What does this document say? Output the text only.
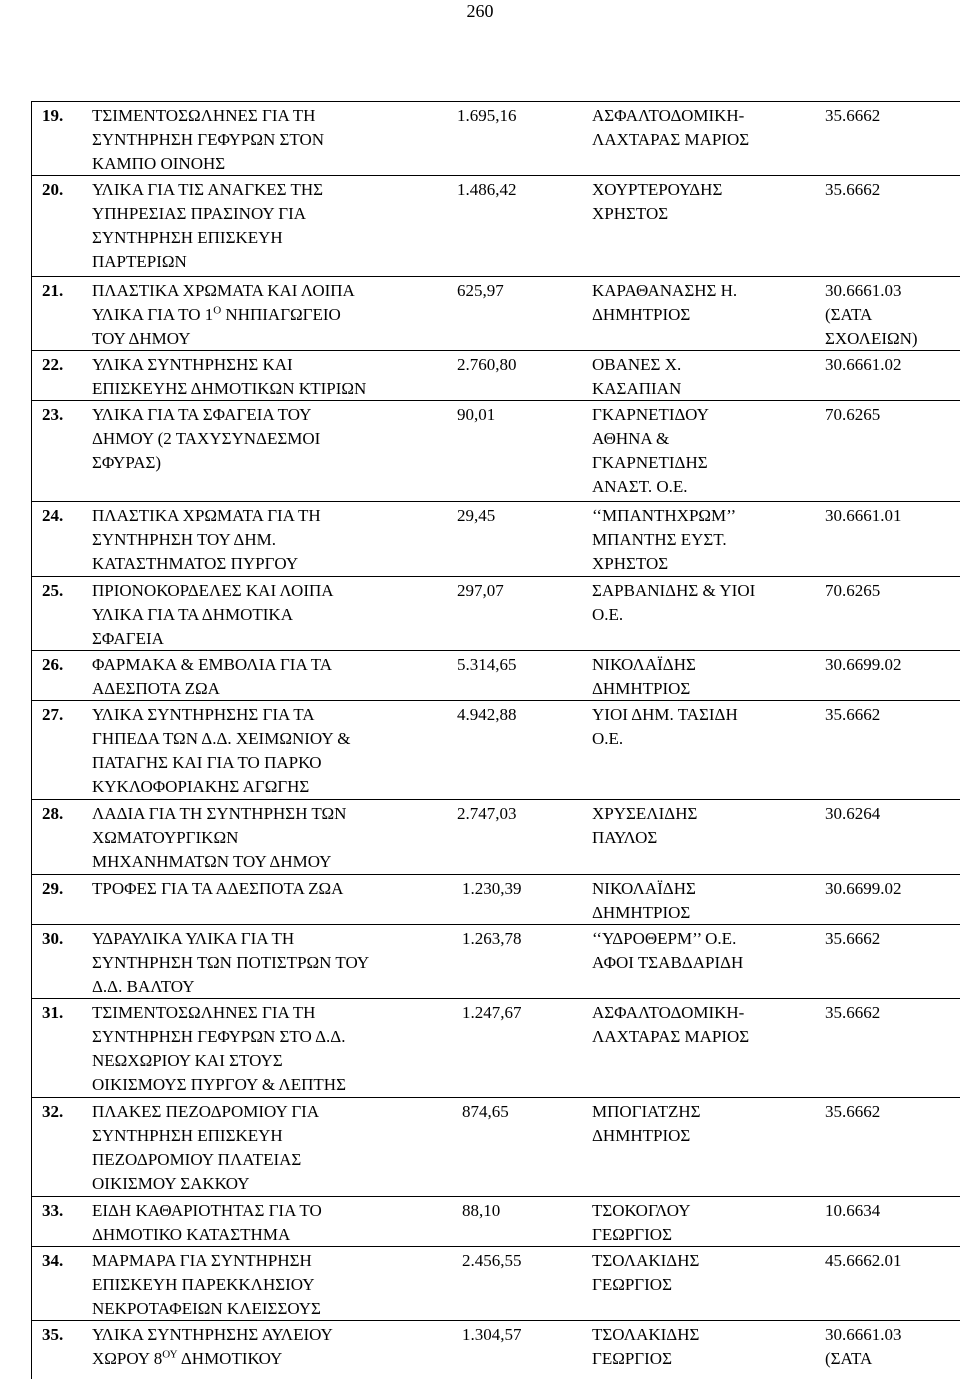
260
19. ΤΣΙΜΕΝΤΟΣΩΛΗΝΕΣ ΓΙΑ ΤΗ
ΣΥΝΤΗΡΗΣΗ ΓΕΦΥΡΩΝ ΣΤΟΝ
ΚΑΜΠΟ ΟΙΝΟΗΣ
1.695,16	ΑΣΦΑΛΤΟΔΟΜΙΚΗ-
ΛΑΧΤΑΡΑΣ ΜΑΡΙΟΣ
35.6662
20. ΥΛΙΚΑ ΓΙΑ ΤΙΣ ΑΝΑΓΚΕΣ ΤΗΣ
ΥΠΗΡΕΣΙΑΣ ΠΡΑΣΙΝΟΥ ΓΙΑ
ΣΥΝΤΗΡΗΣΗ ΕΠΙΣΚΕΥΗ
ΠΑΡΤΕΡΙΩΝ
1.486,42	ΧΟΥΡΤΕΡΟΥΔΗΣ
ΧΡΗΣΤΟΣ
35.6662
21. ΠΛΑΣΤΙΚΑ ΧΡΩΜΑΤΑ ΚΑΙ ΛΟΙΠΑ
ΥΛΙΚΑ ΓΙΑ ΤΟ $1^O$ ΝΗΠΙΑΓΩΓΕΙΟ
ΤΟΥ ΔΗΜΟΥ
625,97	ΚΑΡΑΘΑΝΑΣΗΣ Η.
ΔΗΜΗΤΡΙΟΣ
30.6661.03
(ΣΑΤΑ
ΣΧΟΛΕΙΩΝ)
22. ΥΛΙΚΑ ΣΥΝΤΗΡΗΣΗΣ ΚΑΙ
ΕΠΙΣΚΕΥΗΣ ΔΗΜΟΤΙΚΩΝ ΚΤΙΡΙΩΝ
2.760,80	ΟΒΑΝΕΣ Χ.
ΚΑΣΑΠΙΑΝ
30.6661.02
23. ΥΛΙΚΑ ΓΙΑ ΤΑ ΣΦΑΓΕΙΑ ΤΟΥ
ΔΗΜΟΥ (2 ΤΑΧΥΣΥΝΔΕΣΜΟΙ
ΣΦΥΡΑΣ)
90,01	ΓΚΑΡΝΕΤΙΔΟΥ
ΑΘΗΝΑ &
ΓΚΑΡΝΕΤΙΔΗΣ
ΑΝΑΣΤ. Ο.Ε.
70.6265
24. ΠΛΑΣΤΙΚΑ ΧΡΩΜΑΤΑ ΓΙΑ ΤΗ
ΣΥΝΤΗΡΗΣΗ ΤΟΥ ΔΗΜ.
ΚΑΤΑΣΤΗΜΑΤΟΣ ΠΥΡΓΟΥ
29,45	‘‘ΜΠΑΝΤΗΧΡΩΜ’’
ΜΠΑΝΤΗΣ ΕΥΣΤ.
ΧΡΗΣΤΟΣ
30.6661.01
25. ΠΡΙΟΝΟΚΟΡΔΕΛΕΣ ΚΑΙ ΛΟΙΠΑ
ΥΛΙΚΑ ΓΙΑ ΤΑ ΔΗΜΟΤΙΚΑ
ΣΦΑΓΕΙΑ
297,07	ΣΑΡΒΑΝΙΔΗΣ & ΥΙΟΙ
Ο.Ε.
70.6265
26. ΦΑΡΜΑΚΑ & ΕΜΒΟΛΙΑ ΓΙΑ ΤΑ
ΑΔΕΣΠΟΤΑ ΖΩΑ
5.314,65	ΝΙΚΟΛΑΪΔΗΣ
ΔΗΜΗΤΡΙΟΣ
30.6699.02
27. ΥΛΙΚΑ ΣΥΝΤΗΡΗΣΗΣ ΓΙΑ ΤΑ
ΓΗΠΕΔΑ ΤΩΝ Δ.Δ. ΧΕΙΜΩΝΙΟΥ &
ΠΑΤΑΓΗΣ ΚΑΙ ΓΙΑ ΤΟ ΠΑΡΚΟ
ΚΥΚΛΟΦΟΡΙΑΚΗΣ ΑΓΩΓΗΣ
4.942,88	ΥΙΟΙ ΔΗΜ. ΤΑΣΙΔΗ
Ο.Ε.
35.6662
28. ΛΑΔΙΑ ΓΙΑ ΤΗ ΣΥΝΤΗΡΗΣΗ ΤΩΝ
ΧΩΜΑΤΟΥΡΓΙΚΩΝ
ΜΗΧΑΝΗΜΑΤΩΝ ΤΟΥ ΔΗΜΟΥ
2.747,03	ΧΡΥΣΕΛΙΔΗΣ
ΠΑΥΛΟΣ
30.6264
29. ΤΡΟΦΕΣ ΓΙΑ ΤΑ ΑΔΕΣΠΟΤΑ ΖΩΑ	1.230,39	ΝΙΚΟΛΑΪΔΗΣ
ΔΗΜΗΤΡΙΟΣ
30.6699.02
30. ΥΔΡΑΥΛΙΚΑ ΥΛΙΚΑ ΓΙΑ ΤΗ
ΣΥΝΤΗΡΗΣΗ ΤΩΝ ΠΟΤΙΣΤΡΩΝ ΤΟΥ
Δ.Δ. ΒΑΛΤΟΥ
1.263,78	‘‘ΥΔΡΟΘΕΡΜ’’ Ο.Ε.
ΑΦΟΙ ΤΣΑΒΔΑΡΙΔΗ
35.6662
31. ΤΣΙΜΕΝΤΟΣΩΛΗΝΕΣ ΓΙΑ ΤΗ
ΣΥΝΤΗΡΗΣΗ ΓΕΦΥΡΩΝ ΣΤΟ Δ.Δ.
ΝΕΩΧΩΡΙΟΥ ΚΑΙ ΣΤΟΥΣ
ΟΙΚΙΣΜΟΥΣ ΠΥΡΓΟΥ & ΛΕΠΤΗΣ
1.247,67	ΑΣΦΑΛΤΟΔΟΜΙΚΗ-
ΛΑΧΤΑΡΑΣ ΜΑΡΙΟΣ
35.6662
32. ΠΛΑΚΕΣ ΠΕΖΟΔΡΟΜΙΟΥ ΓΙΑ
ΣΥΝΤΗΡΗΣΗ ΕΠΙΣΚΕΥΗ
ΠΕΖΟΔΡΟΜΙΟΥ ΠΛΑΤΕΙΑΣ
ΟΙΚΙΣΜΟΥ ΣΑΚΚΟΥ
874,65	ΜΠΟΓΙΑΤΖΗΣ
ΔΗΜΗΤΡΙΟΣ
35.6662
33. ΕΙΔΗ ΚΑΘΑΡΙΟΤΗΤΑΣ ΓΙΑ ΤΟ
ΔΗΜΟΤΙΚΟ ΚΑΤΑΣΤΗΜΑ
88,10	ΤΣΟΚΟΓΛΟΥ
ΓΕΩΡΓΙΟΣ
10.6634
34. ΜΑΡΜΑΡΑ ΓΙΑ ΣΥΝΤΗΡΗΣΗ
ΕΠΙΣΚΕΥΗ ΠΑΡΕΚΚΛΗΣΙΟΥ
ΝΕΚΡΟΤΑΦΕΙΩΝ ΚΛΕΙΣΣΟΥΣ
2.456,55	ΤΣΟΛΑΚΙΔΗΣ
ΓΕΩΡΓΙΟΣ
45.6662.01
35. ΥΛΙΚΑ ΣΥΝΤΗΡΗΣΗΣ ΑΥΛΕΙΟΥ
ΧΩΡΟΥ $8^{O\Upsilon}$ ΔΗΜΟΤΙΚΟΥ
1.304,57	ΤΣΟΛΑΚΙΔΗΣ
ΓΕΩΡΓΙΟΣ
30.6661.03
(ΣΑΤΑ
